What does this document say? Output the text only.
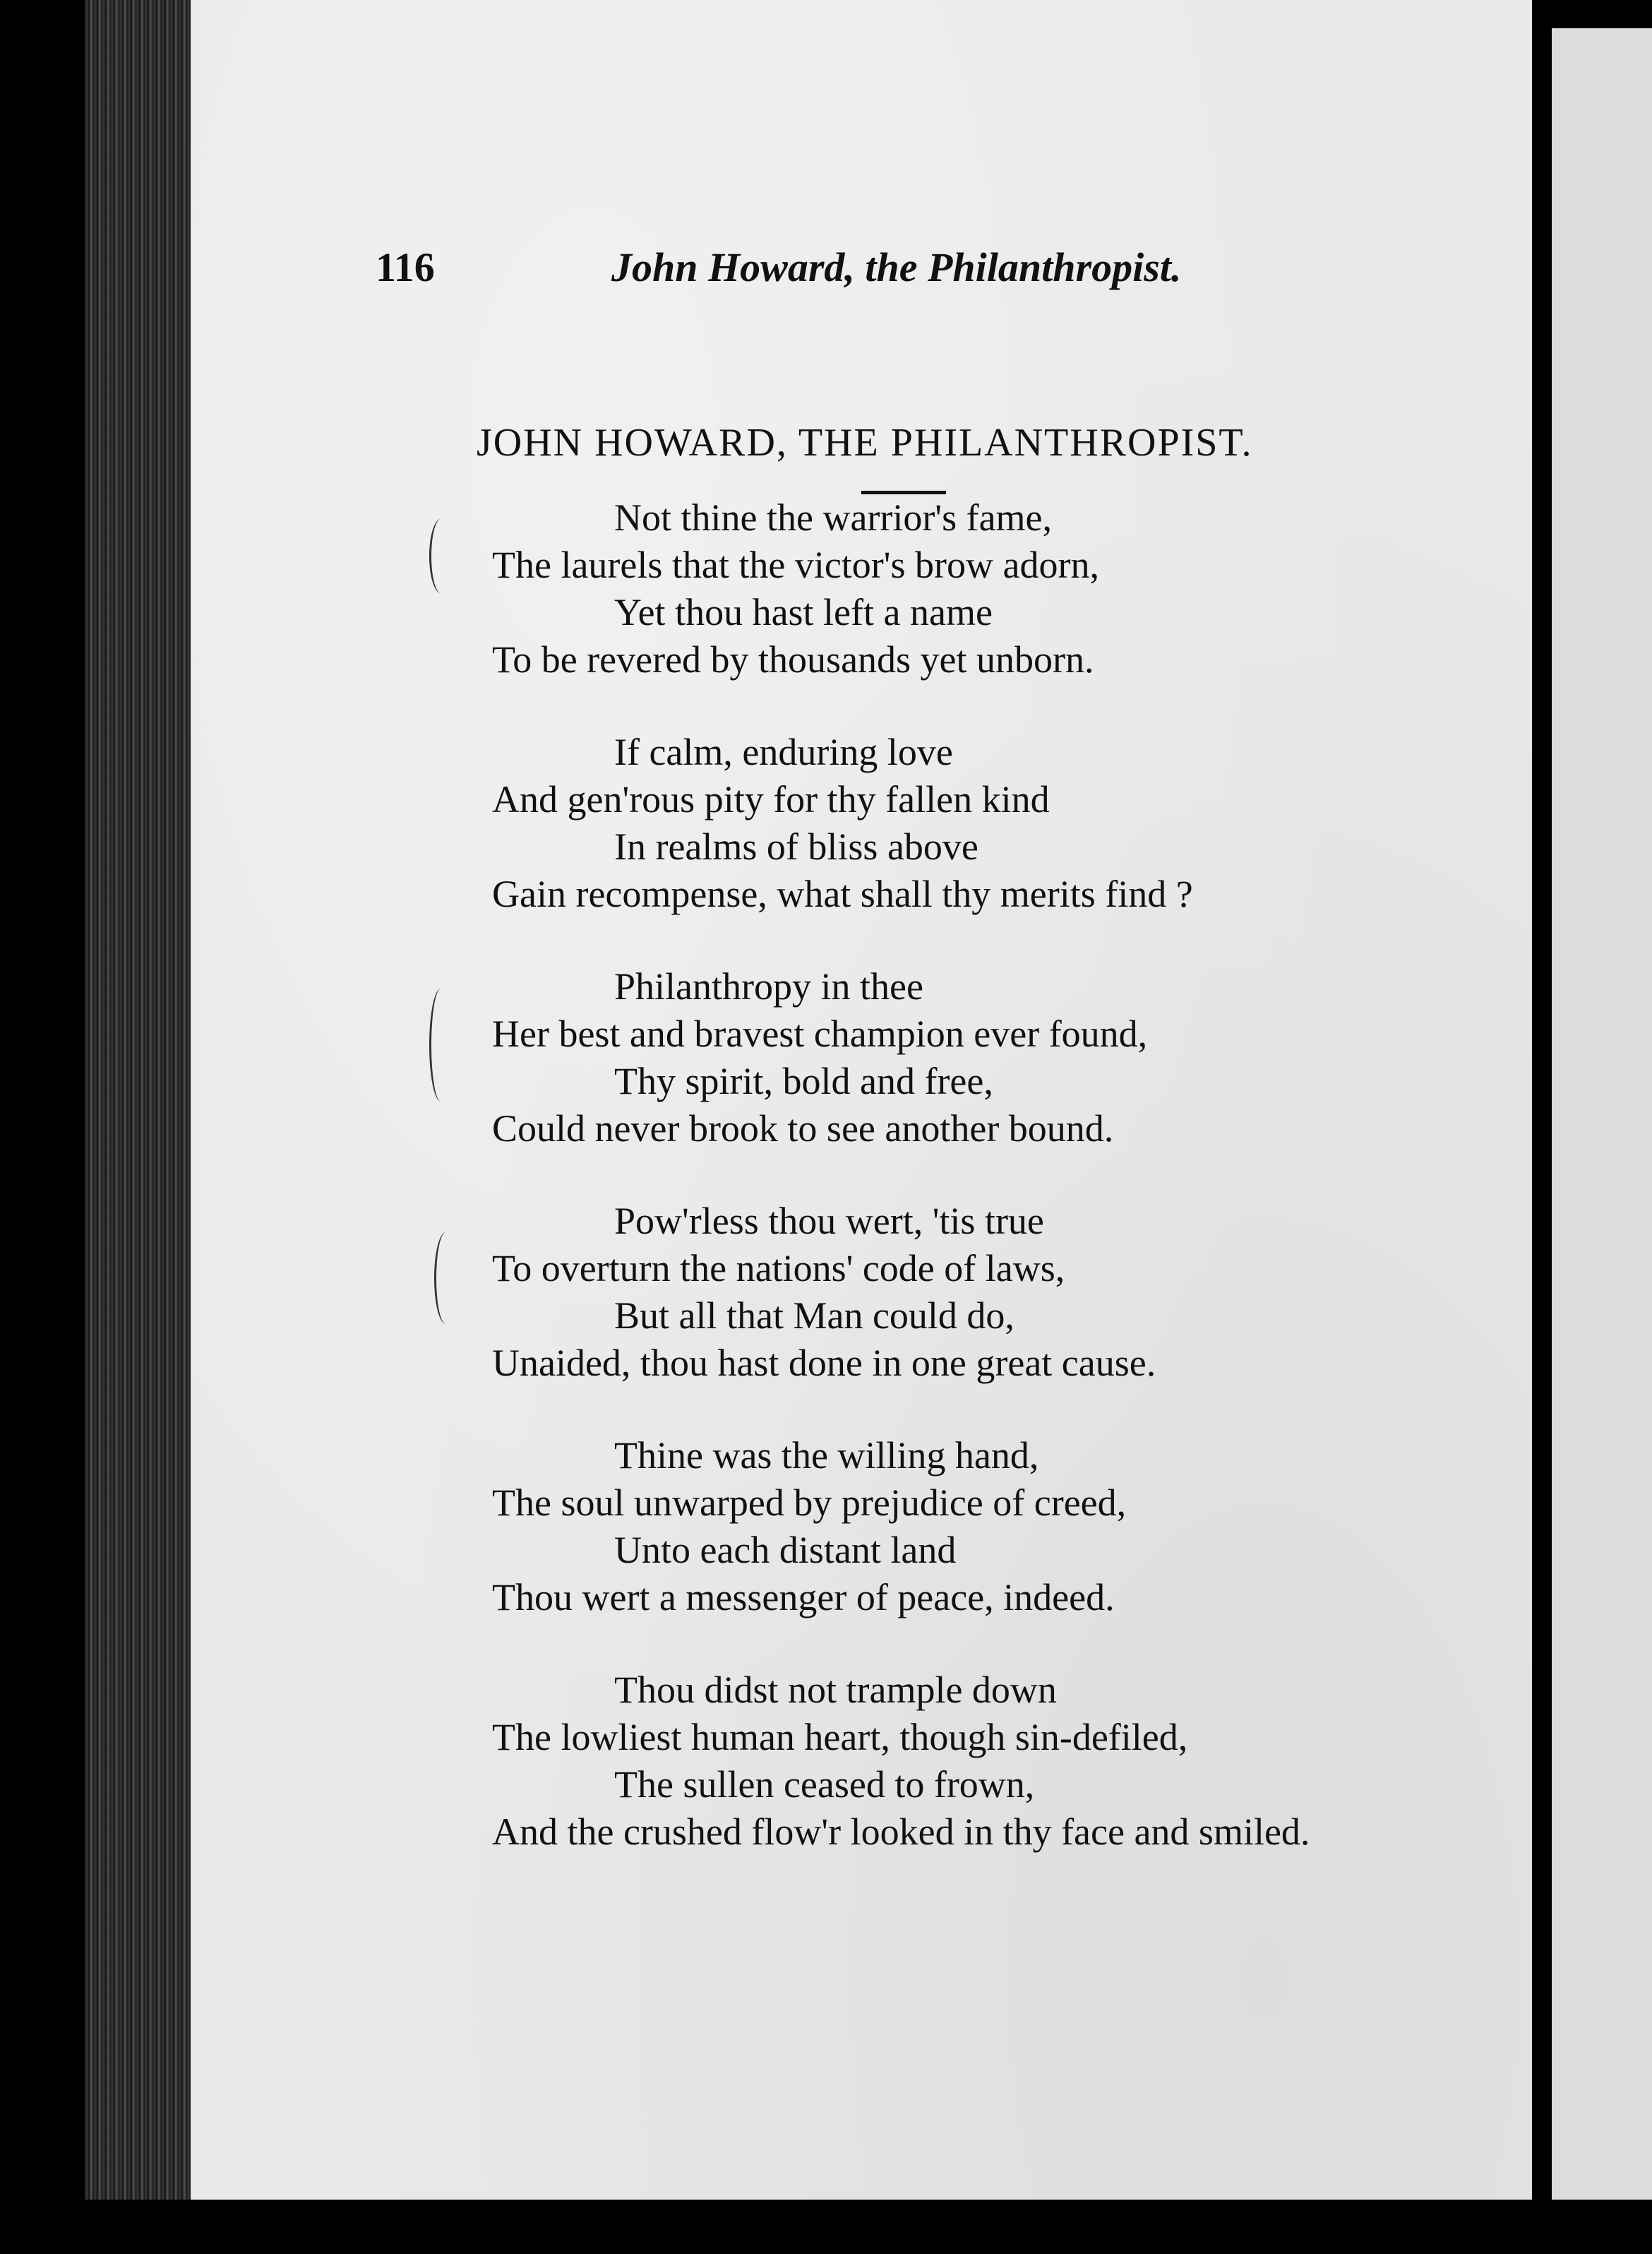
116	John Howard, the Philanthropist.
JOHN HOWARD, THE PHILANTHROPIST.
Not thine the warrior's fame,
The laurels that the victor's brow adorn,
Yet thou hast left a name
To be revered by thousands yet unborn.
If calm, enduring love
And gen'rous pity for thy fallen kind
In realms of bliss above
Gain recompense, what shall thy merits find ?
Philanthropy in thee
Her best and bravest champion ever found,
Thy spirit, bold and free,
Could never brook to see another bound.
Pow'rless thou wert, 'tis true
To overturn the nations' code of laws,
But all that Man could do,
Unaided, thou hast done in one great cause.
Thine was the willing hand,
The soul unwarped by prejudice of creed,
Unto each distant land
Thou wert a messenger of peace, indeed.
Thou didst not trample down
The lowliest human heart, though sin-defiled,
The sullen ceased to frown,
And the crushed flow'r looked in thy face and smiled.
